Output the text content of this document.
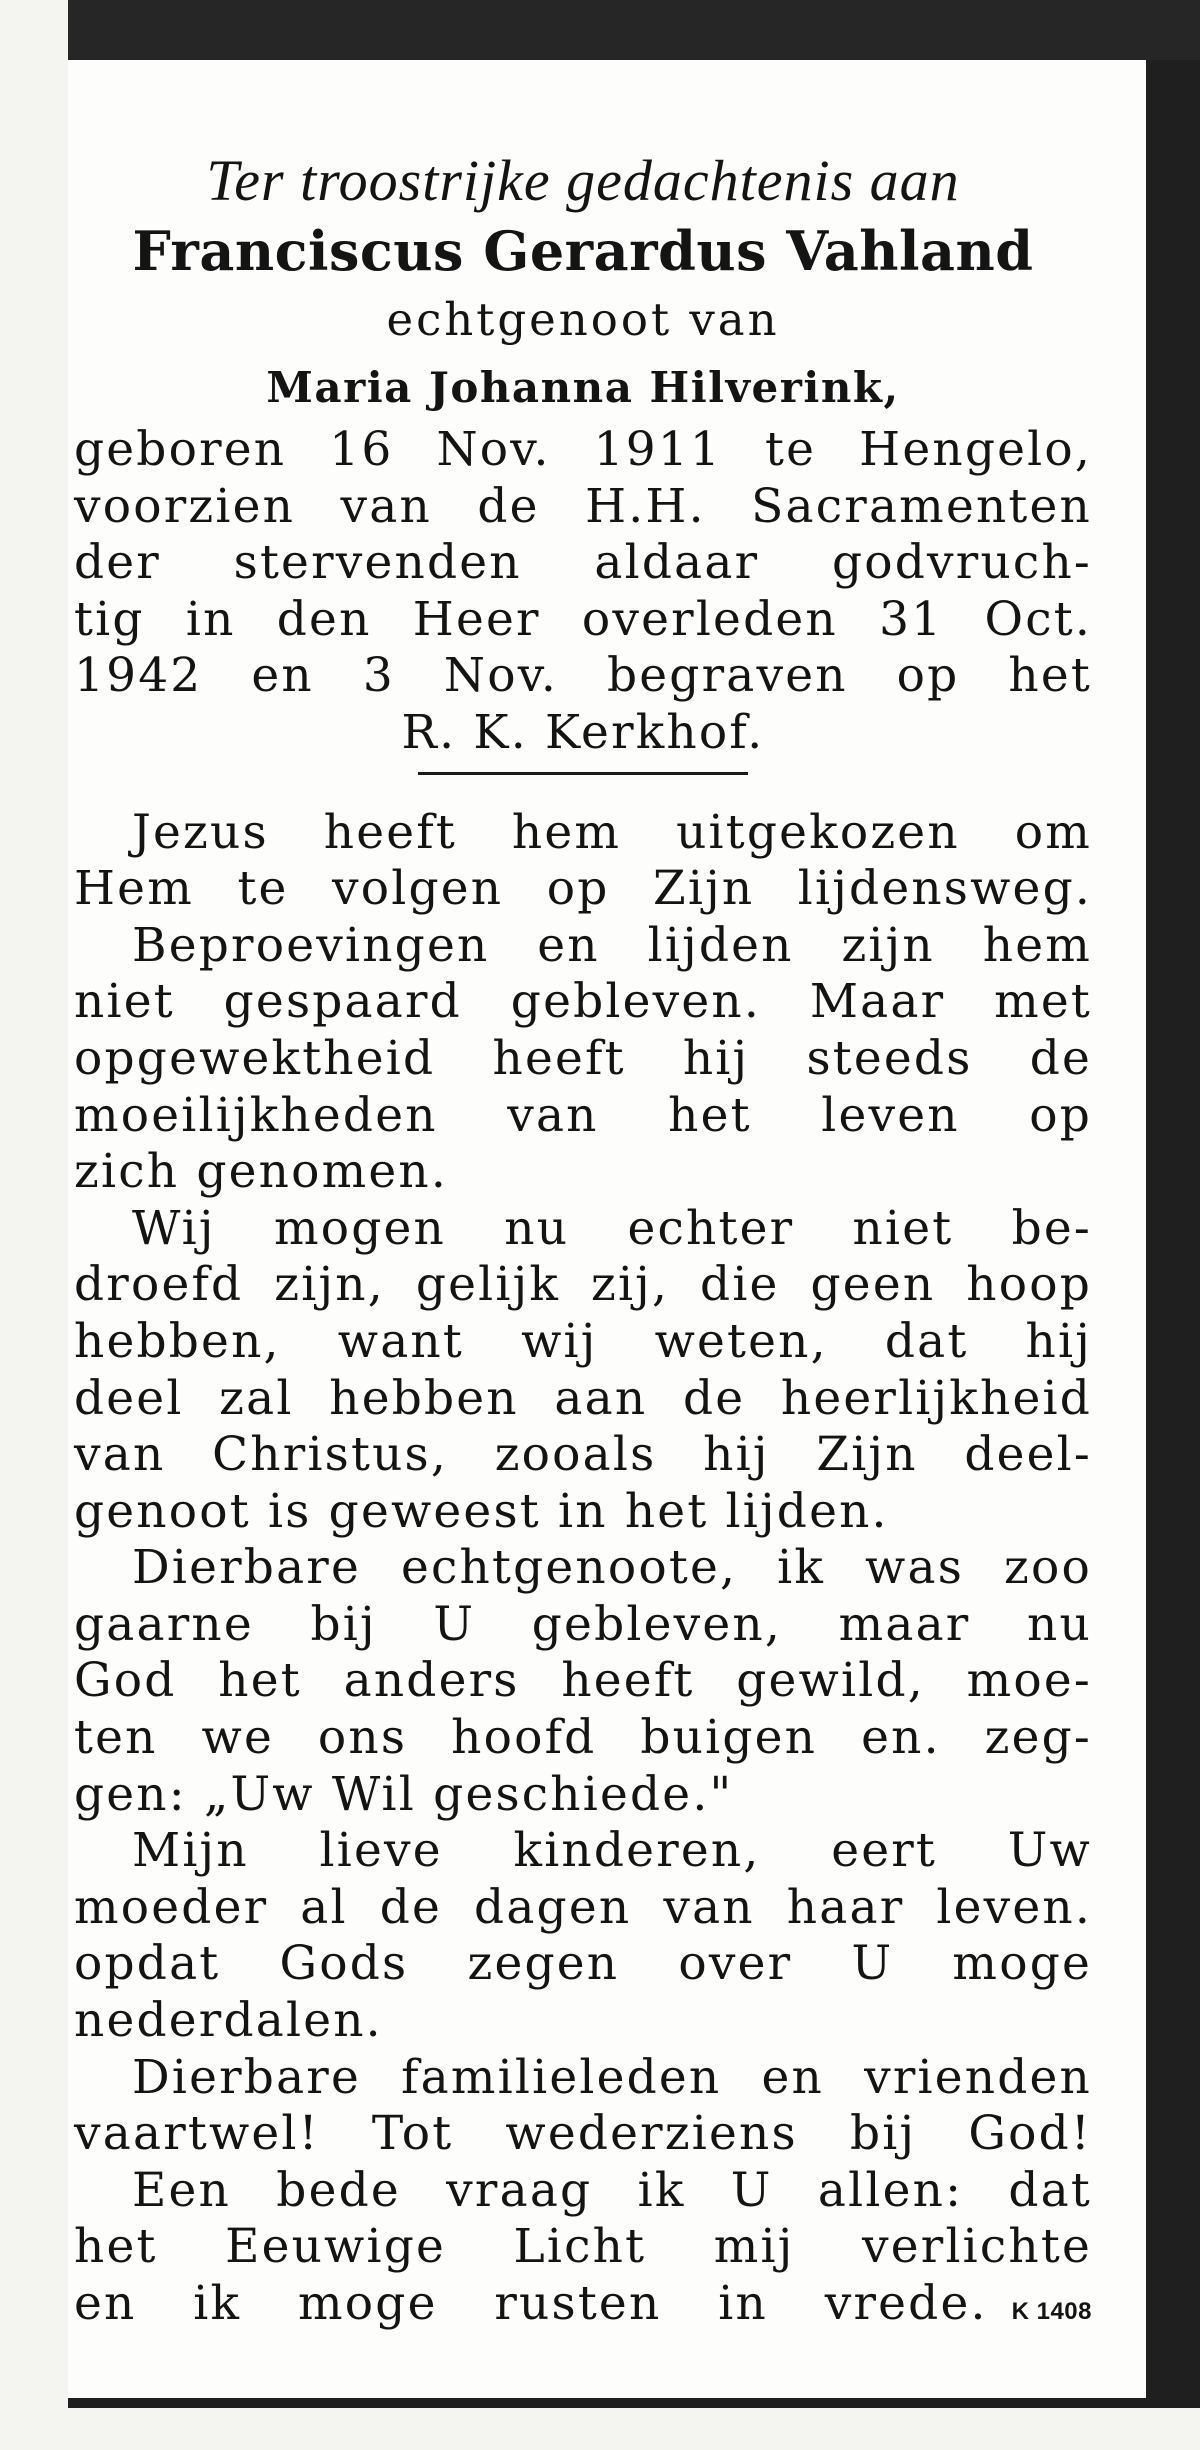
Ter troostrijke gedachtenis aan
Franciscus Gerardus Vahland
echtgenoot van
Maria Johanna Hilverink,
geboren 16 Nov. 1911 te Hengelo,
voorzien van de H.H. Sacramenten
der stervenden aldaar godvruch-
tig in den Heer overleden 31 Oct.
1942 en 3 Nov. begraven op het
R. K. Kerkhof.
Jezus heeft hem uitgekozen om
Hem te volgen op Zijn lijdensweg.
Beproevingen en lijden zijn hem
niet gespaard gebleven. Maar met
opgewektheid heeft hij steeds de
moeilijkheden van het leven op
zich genomen.
Wij mogen nu echter niet be-
droefd zijn, gelijk zij, die geen hoop
hebben, want wij weten, dat hij
deel zal hebben aan de heerlijkheid
van Christus, zooals hij Zijn deel-
genoot is geweest in het lijden.
Dierbare echtgenoote, ik was zoo
gaarne bij U gebleven, maar nu
God het anders heeft gewild, moe-
ten we ons hoofd buigen en. zeg-
gen: „Uw Wil geschiede."
Mijn lieve kinderen, eert Uw
moeder al de dagen van haar leven.
opdat Gods zegen over U moge
nederdalen.
Dierbare familieleden en vrienden
vaartwel! Tot wederziens bij God!
Een bede vraag ik U allen: dat
het Eeuwige Licht mij verlichte
en ik moge rusten in vrede.	K 1408
